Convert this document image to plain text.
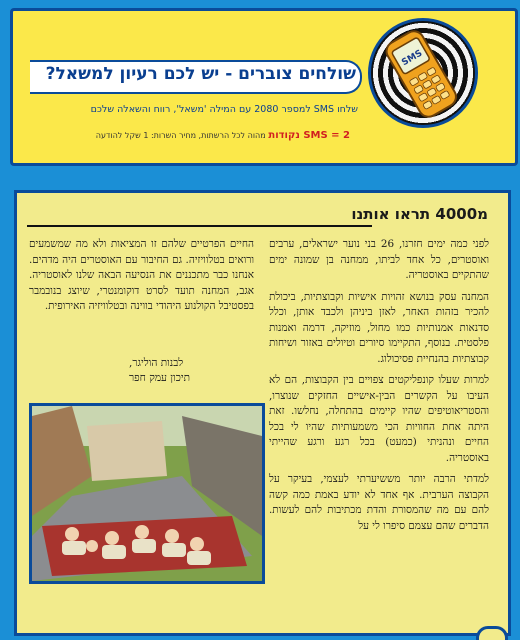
שולחים צוברים - יש לכם רעיון למשאל?
שלחו SMS למספר 2080 עם המילה 'משאל', רווח והשאלה שלכם
SMS = 2 נקודות מהוה לכל הרשתות, מחיר השרות: 1 שקל להודעה
SMS
מ4000 תראו אותנו

לפני כמה ימים חזרנו, 26 בני נוער ישראלים, ערבים ואוסטרים, כל אחד לביתו, ממחנה בן שמונה ימים שהתקיים באוסטריה.

המחנה עסק בנושא זהויות אישיות וקבוצתיות, ביכולת להכיר בזהות האחר, לאזן ביניהן ולכבד אותן, וכלל סדנאות אמנותיות כמו מחול, מוזיקה, דרמה ואמנות פלסטית. בנוסף, התקיימו סיורים וטיולים באזור ושיחות קבוצתיות בהנחיית פסיכולוג.

למרות שעלו קונפליקטים צפויים בין הקבוצות, הם לא העיבו על הקשרים הבין-אישיים החזקים שנוצרו, והסטריאוטיפים שהיו קיימים בהתחלה, נחלשו. זאת היתה אחת החוויות הכי משמעותיות שהיו לי בכל החיים ונהניתי (כמעט) בכל רגע ורגע שהייתי באוסטריה.

למדתי הרבה יותר מששיערתי לעצמי, בעיקר על הקבוצה הערבית. אף אחד לא יודע באמת כמה קשה להם עם מה שהמסורת והדת מכתיבות להם לעשות. הדברים שהם עצמם סיפרו לי על

החיים הפרטיים שלהם זו המציאות ולא מה שמשמעים ורואים בטלוויזיה. גם החיבור עם האוסטרים היה מדהים. אנחנו כבר מתכננים את הנסיעה הבאה שלנו לאוסטריה. אגב, המחנה תועד לסרט דוקומנטרי, שיוצג בנובמבר בפסטיבל הקולנוע היהודי בווינה ובטלוויזיה האירופית.

לבנות הוליגר,
תיכון עמק חפר
